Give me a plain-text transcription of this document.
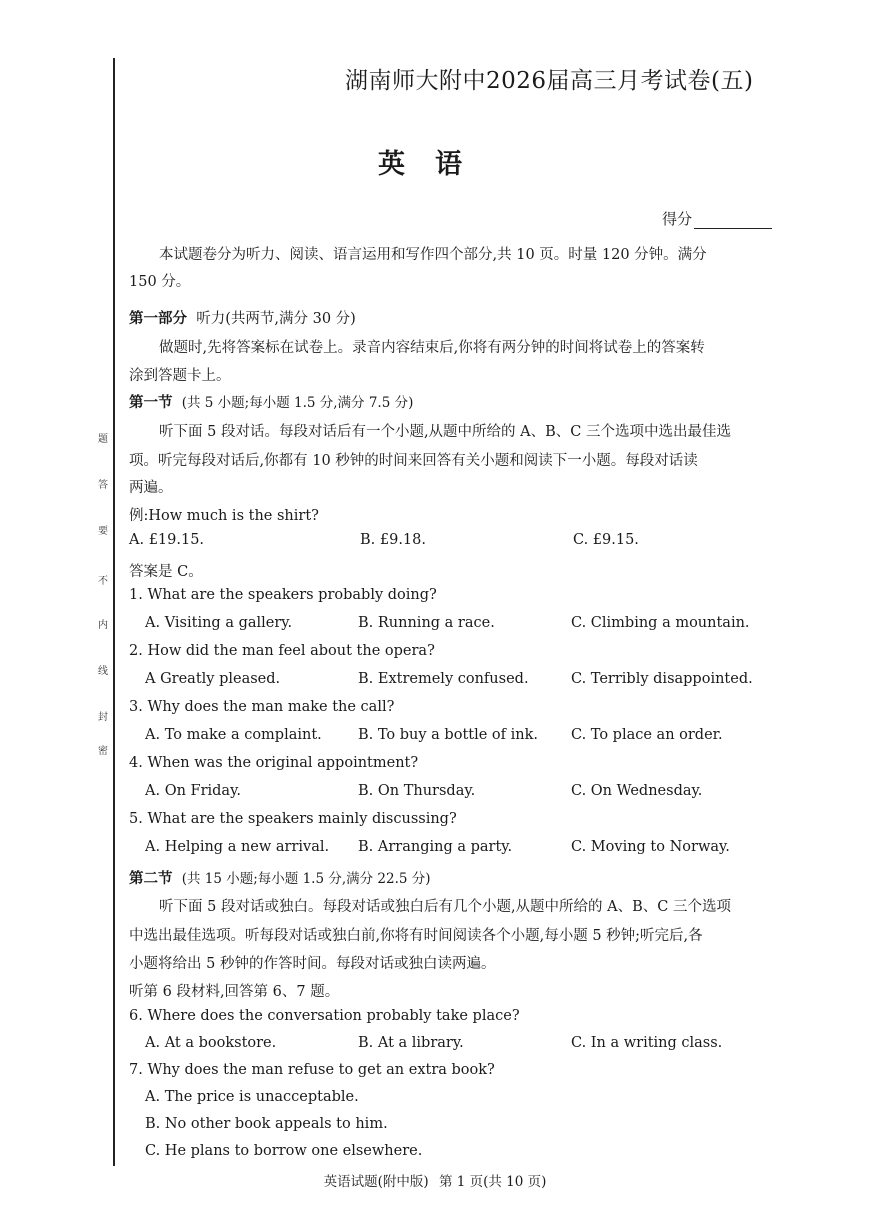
题
答
要
不
内
线
封
密
湖南师大附中2026届高三月考试卷(五)
英语
得分
本试题卷分为听力、阅读、语言运用和写作四个部分,共 10 页。时量 120 分钟。满分
150 分。
第一部分 听力(共两节,满分 30 分)
做题时,先将答案标在试卷上。录音内容结束后,你将有两分钟的时间将试卷上的答案转
涂到答题卡上。
第一节 (共 5 小题;每小题 1.5 分,满分 7.5 分)
听下面 5 段对话。每段对话后有一个小题,从题中所给的 A、B、C 三个选项中选出最佳选
项。听完每段对话后,你都有 10 秒钟的时间来回答有关小题和阅读下一小题。每段对话读
两遍。
例:How much is the shirt?
A. £19.15.	B. £9.18.	C. £9.15.
答案是 C。
1. What are the speakers probably doing?
A. Visiting a gallery.	B. Running a race.	C. Climbing a mountain.
2. How did the man feel about the opera?
A Greatly pleased.	B. Extremely confused.	C. Terribly disappointed.
3. Why does the man make the call?
A. To make a complaint. B. To buy a bottle of ink. C. To place an order.
4. When was the original appointment?
A. On Friday.	B. On Thursday.	C. On Wednesday.
5. What are the speakers mainly discussing?
A. Helping a new arrival. B. Arranging a party.	C. Moving to Norway.
第二节 (共 15 小题;每小题 1.5 分,满分 22.5 分)
听下面 5 段对话或独白。每段对话或独白后有几个小题,从题中所给的 A、B、C 三个选项
中选出最佳选项。听每段对话或独白前,你将有时间阅读各个小题,每小题 5 秒钟;听完后,各
小题将给出 5 秒钟的作答时间。每段对话或独白读两遍。
听第 6 段材料,回答第 6、7 题。
6. Where does the conversation probably take place?
A. At a bookstore.	B. At a library.	C. In a writing class.
7. Why does the man refuse to get an extra book?
A. The price is unacceptable.
B. No other book appeals to him.
C. He plans to borrow one elsewhere.
英语试题(附中版) 第 1 页(共 10 页)
